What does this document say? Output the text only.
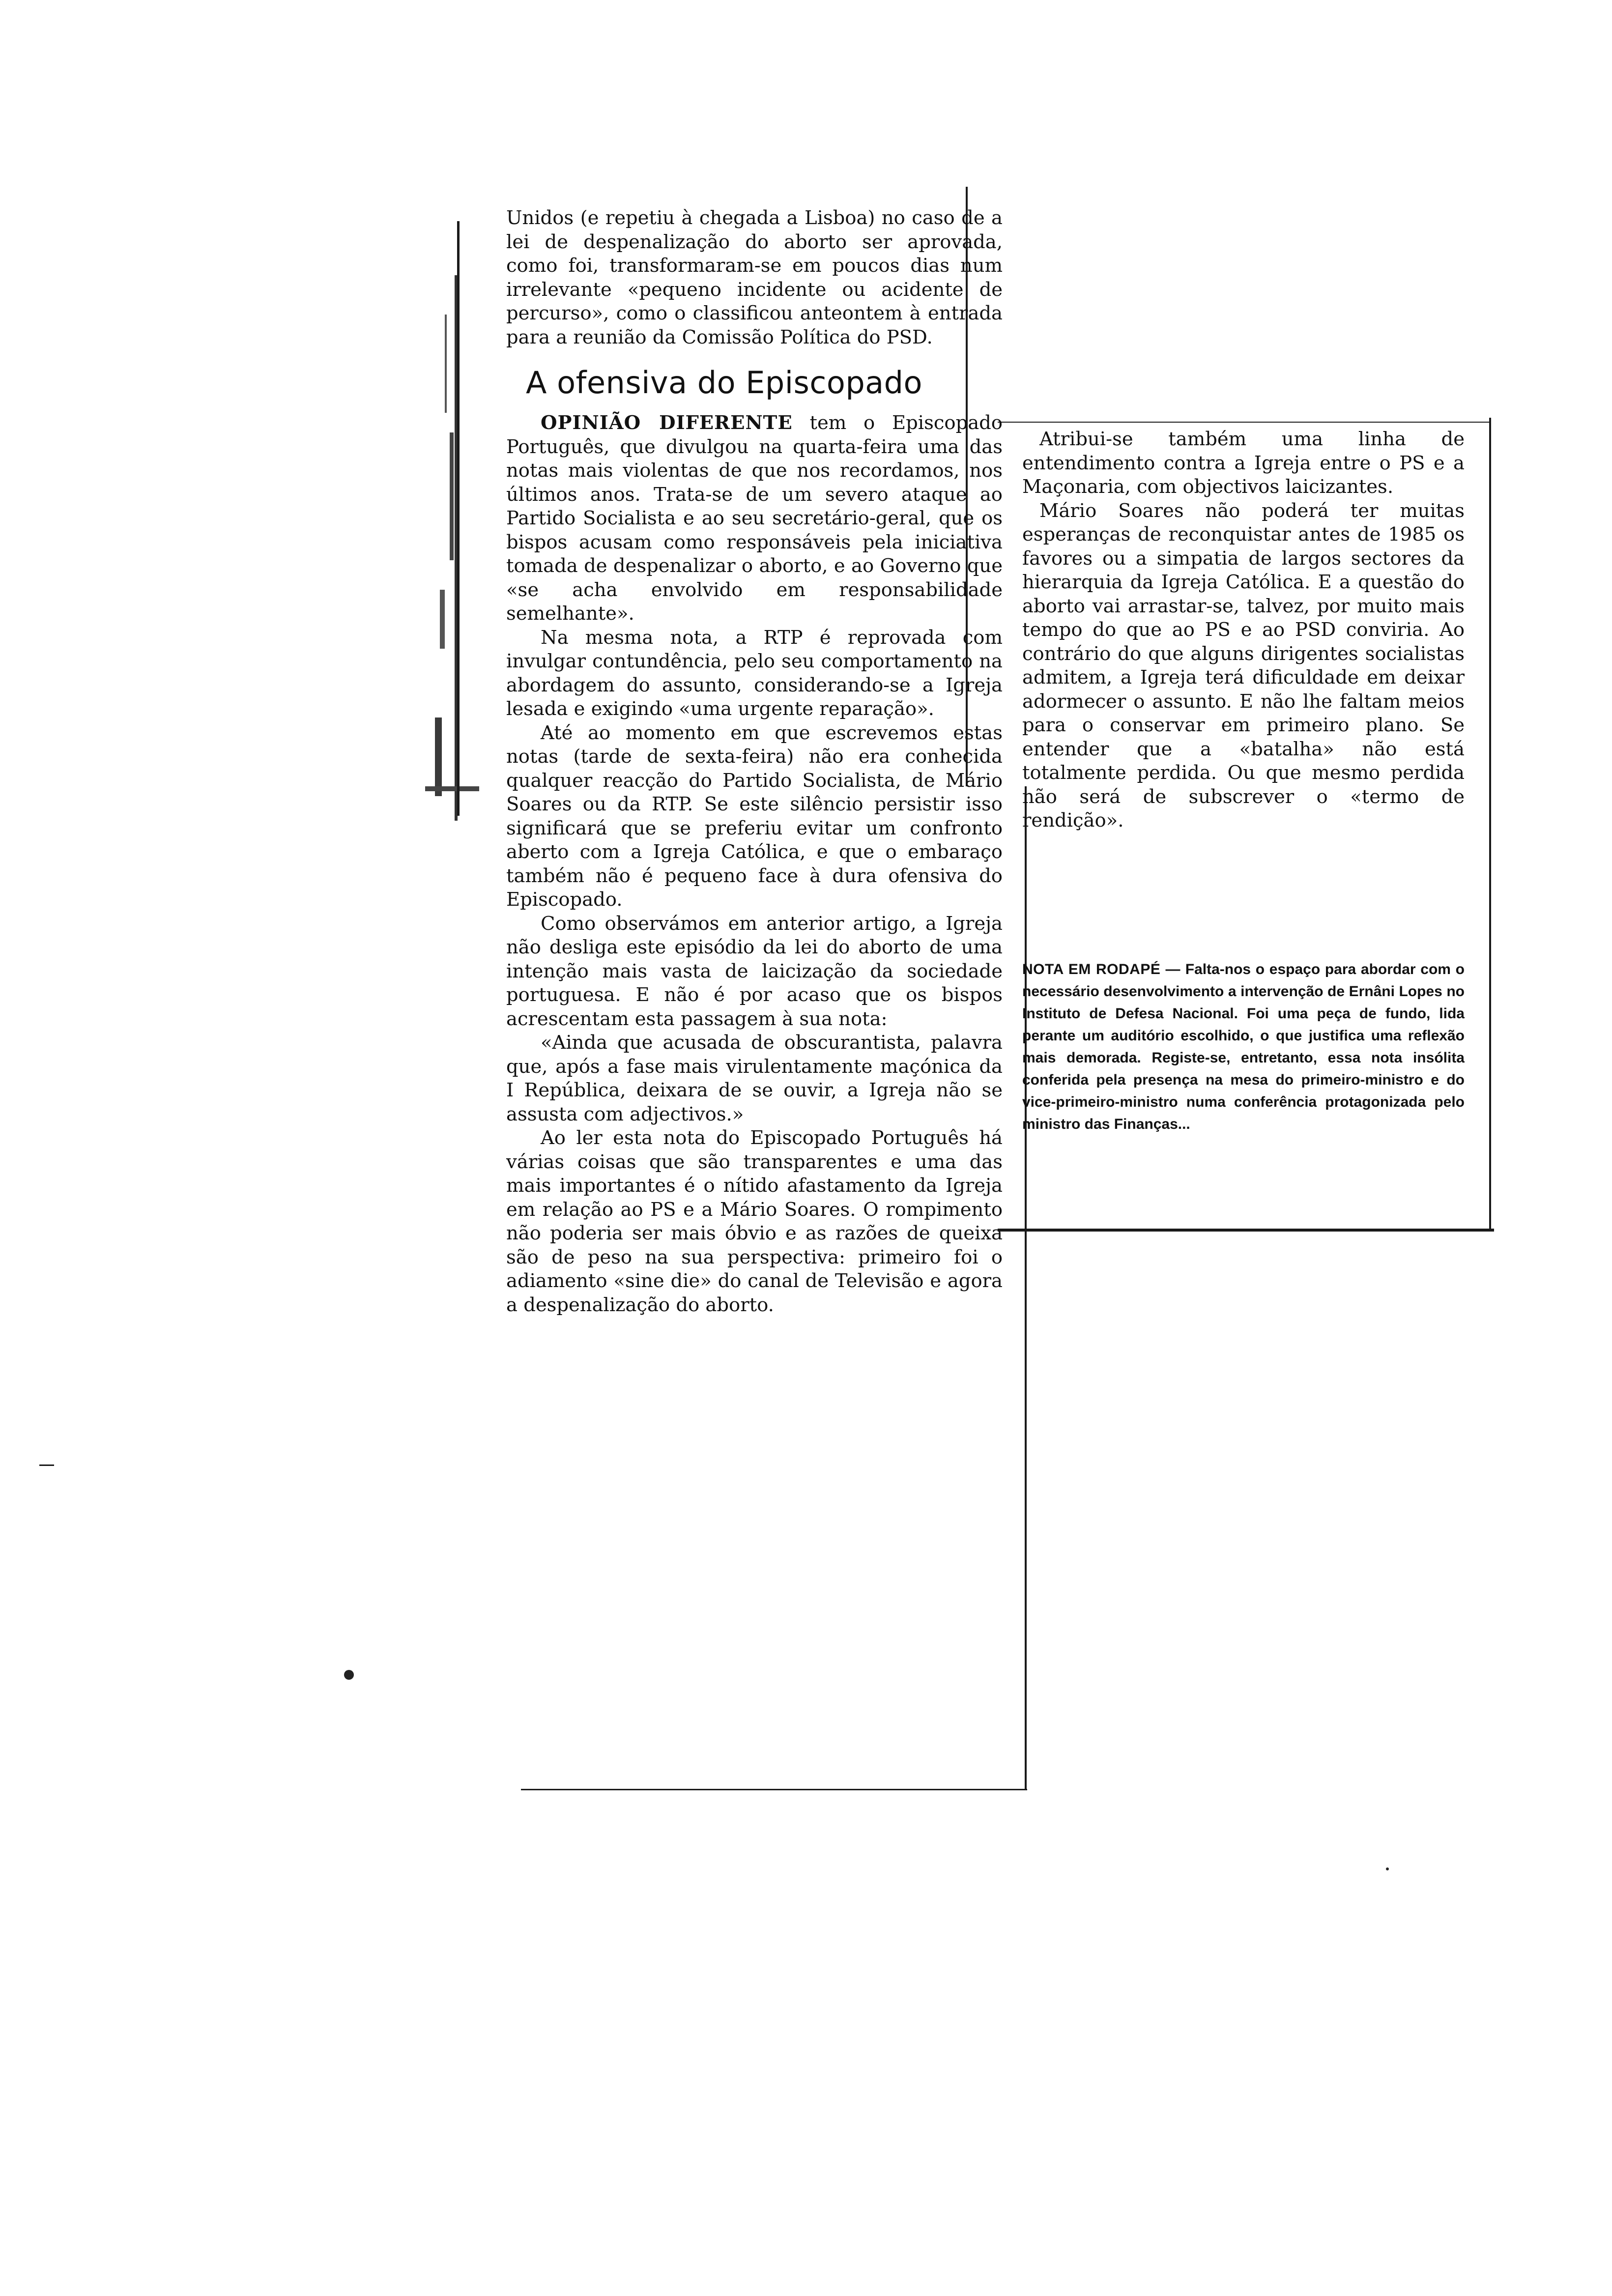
Unidos (e repetiu à chegada a Lisboa) no caso de a lei de despenalização do aborto ser aprovada, como foi, transformaram-se em poucos dias num irrelevante «pequeno incidente ou acidente de percurso», como o classificou anteontem à entrada para a reunião da Comissão Política do PSD.

A ofensiva do Episcopado

OPINIÃO DIFERENTE tem o Episcopado Português, que divulgou na quarta-feira uma das notas mais violentas de que nos recordamos, nos últimos anos. Trata-se de um severo ataque ao Partido Socialista e ao seu secretário-geral, que os bispos acusam como responsáveis pela iniciativa tomada de despenalizar o aborto, e ao Governo que «se acha envolvido em responsabilidade semelhante».

Na mesma nota, a RTP é reprovada com invulgar contundência, pelo seu comportamento na abordagem do assunto, considerando-se a Igreja lesada e exigindo «uma urgente reparação».

Até ao momento em que escrevemos estas notas (tarde de sexta-feira) não era conhecida qualquer reacção do Partido Socialista, de Mário Soares ou da RTP. Se este silêncio persistir isso significará que se preferiu evitar um confronto aberto com a Igreja Católica, e que o embaraço também não é pequeno face à dura ofensiva do Episcopado.

Como observámos em anterior artigo, a Igreja não desliga este episódio da lei do aborto de uma intenção mais vasta de laicização da sociedade portuguesa. E não é por acaso que os bispos acrescentam esta passagem à sua nota:

«Ainda que acusada de obscurantista, palavra que, após a fase mais virulentamente maçónica da I República, deixara de se ouvir, a Igreja não se assusta com adjectivos.»

Ao ler esta nota do Episcopado Português há várias coisas que são transparentes e uma das mais importantes é o nítido afastamento da Igreja em relação ao PS e a Mário Soares. O rompimento não poderia ser mais óbvio e as razões de queixa são de peso na sua perspectiva: primeiro foi o adiamento «sine die» do canal de Televisão e agora a despenalização do aborto.

Atribui-se também uma linha de entendimento contra a Igreja entre o PS e a Maçonaria, com objectivos laicizantes.

Mário Soares não poderá ter muitas esperanças de reconquistar antes de 1985 os favores ou a simpatia de largos sectores da hierarquia da Igreja Católica. E a questão do aborto vai arrastar-se, talvez, por muito mais tempo do que ao PS e ao PSD conviria. Ao contrário do que alguns dirigentes socialistas admitem, a Igreja terá dificuldade em deixar adormecer o assunto. E não lhe faltam meios para o conservar em primeiro plano. Se entender que a «batalha» não está totalmente perdida. Ou que mesmo perdida não será de subscrever o «termo de rendição».

NOTA EM RODAPÉ — Falta-nos o espaço para abordar com o necessário desenvolvimento a intervenção de Ernâni Lopes no Instituto de Defesa Nacional. Foi uma peça de fundo, lida perante um auditório escolhido, o que justifica uma reflexão mais demorada. Registe-se, entretanto, essa nota insólita conferida pela presença na mesa do primeiro-ministro e do vice-primeiro-ministro numa conferência protagonizada pelo ministro das Finanças...
